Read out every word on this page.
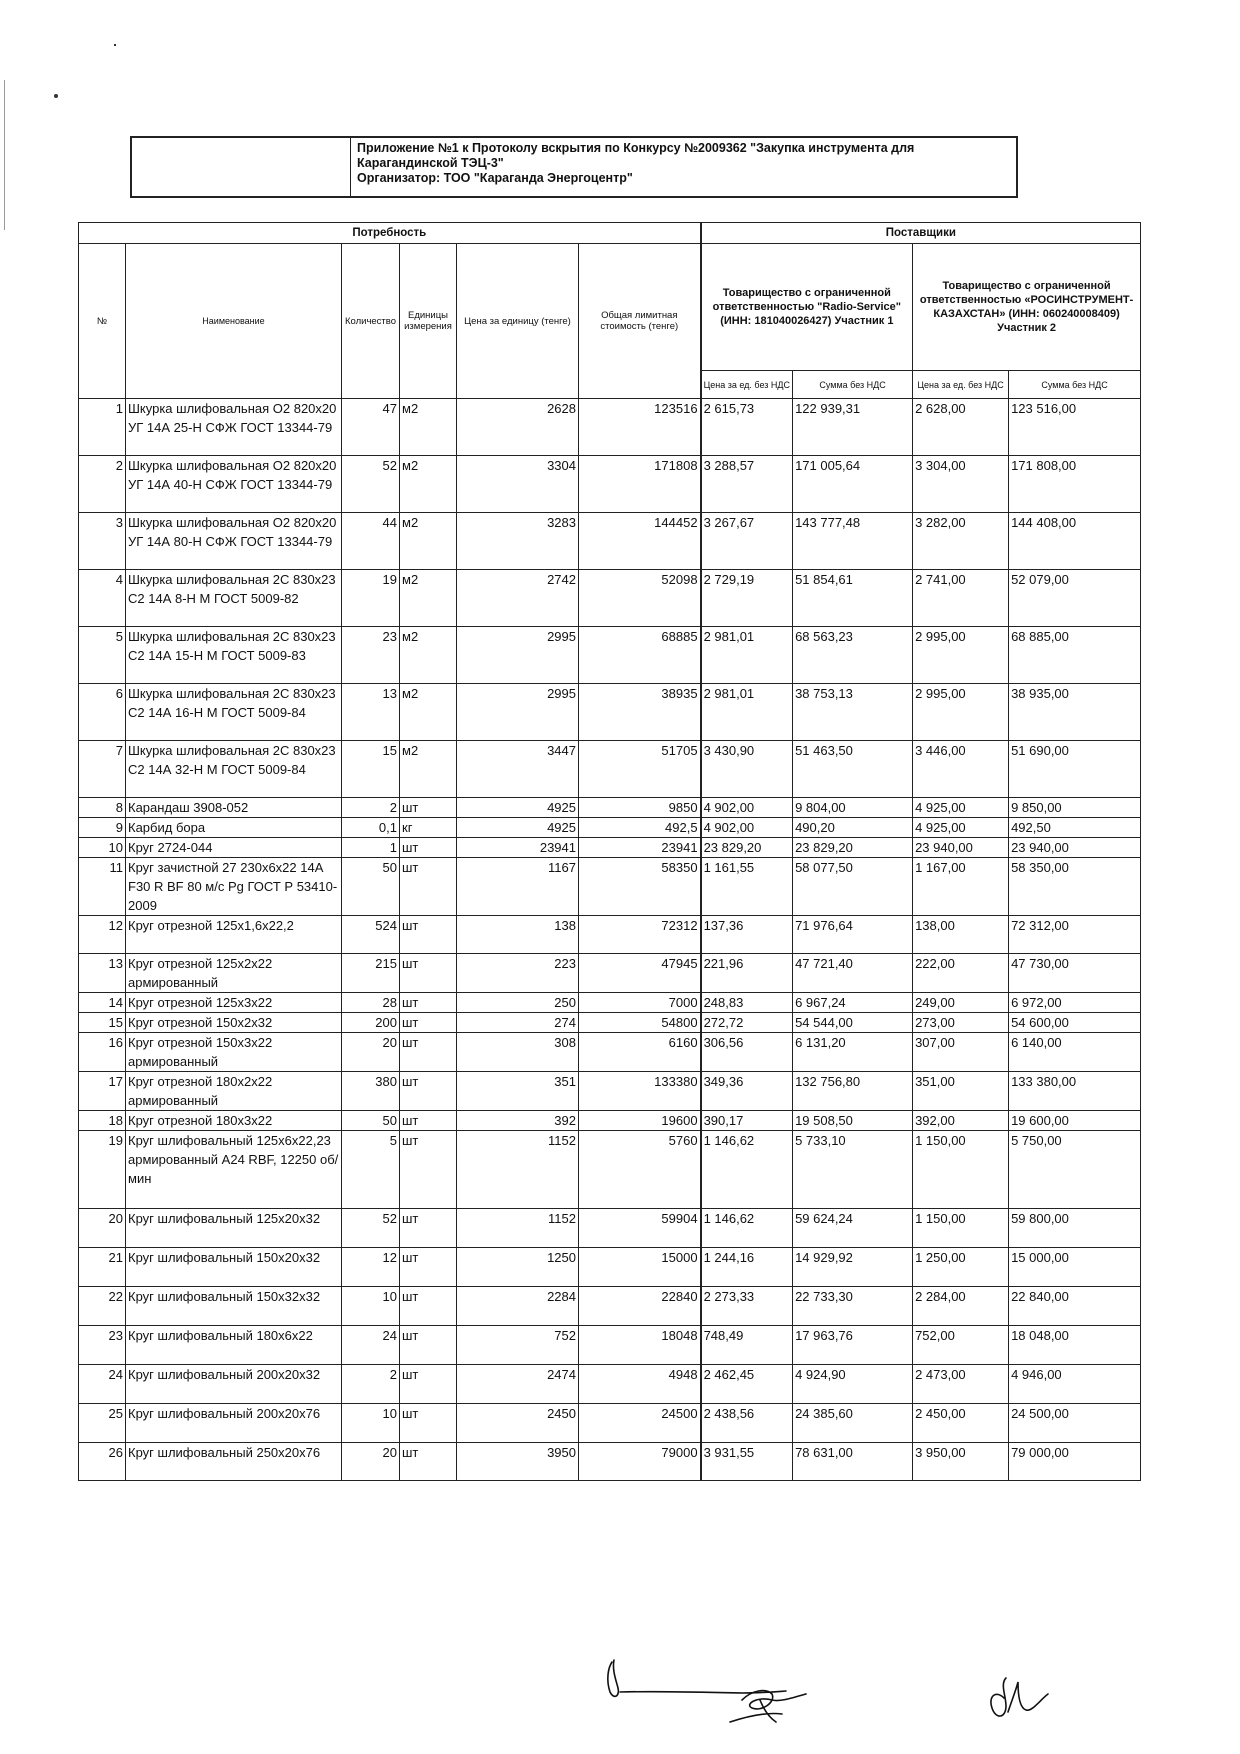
Приложение №1 к Протоколу вскрытия по Конкурсу №2009362 "Закупка инструмента для
Карагандинской ТЭЦ-3"
Организатор: ТОО "Караганда Энергоцентр"
Потребность						Поставщики			
№	Наименование	Количество	Единицы измерения	Цена за единицу (тенге)	Общая лимитная стоимость (тенге)	Товарищество с ограниченной ответственностью "Radio-Service" (ИНН: 181040026427) Участник 1		Товарищество с ограниченной ответственностью «РОСИНСТРУМЕНТ-КАЗАХСТАН» (ИНН: 060240008409) Участник 2	
						Цена за ед. без НДС	Сумма без НДС	Цена за ед. без НДС	Сумма без НДС
1	Шкурка шлифовальная О2 820х20 УГ 14А 25-Н СФЖ ГОСТ 13344-79	47	м2	2628	123516	2 615,73	122 939,31	2 628,00	123 516,00
2	Шкурка шлифовальная О2 820х20 УГ 14А 40-Н СФЖ ГОСТ 13344-79	52	м2	3304	171808	3 288,57	171 005,64	3 304,00	171 808,00
3	Шкурка шлифовальная О2 820х20 УГ 14А 80-Н СФЖ ГОСТ 13344-79	44	м2	3283	144452	3 267,67	143 777,48	3 282,00	144 408,00
4	Шкурка шлифовальная 2С 830х23 С2 14А 8-Н М ГОСТ 5009-82	19	м2	2742	52098	2 729,19	51 854,61	2 741,00	52 079,00
5	Шкурка шлифовальная 2С 830х23 С2 14А 15-Н М ГОСТ 5009-83	23	м2	2995	68885	2 981,01	68 563,23	2 995,00	68 885,00
6	Шкурка шлифовальная 2С 830х23 С2 14А 16-Н М ГОСТ 5009-84	13	м2	2995	38935	2 981,01	38 753,13	2 995,00	38 935,00
7	Шкурка шлифовальная 2С 830х23 С2 14А 32-Н М ГОСТ 5009-84	15	м2	3447	51705	3 430,90	51 463,50	3 446,00	51 690,00
8	Карандаш 3908-052	2	шт	4925	9850	4 902,00	9 804,00	4 925,00	9 850,00
9	Карбид бора	0,1	кг	4925	492,5	4 902,00	490,20	4 925,00	492,50
10	Круг 2724-044	1	шт	23941	23941	23 829,20	23 829,20	23 940,00	23 940,00
11	Круг зачистной 27 230х6х22 14А F30 R BF 80 м/с Рg ГОСТ Р 53410-2009	50	шт	1167	58350	1 161,55	58 077,50	1 167,00	58 350,00
12	Круг отрезной 125х1,6х22,2	524	шт	138	72312	137,36	71 976,64	138,00	72 312,00
13	Круг отрезной 125х2х22 армированный	215	шт	223	47945	221,96	47 721,40	222,00	47 730,00
14	Круг отрезной 125х3х22	28	шт	250	7000	248,83	6 967,24	249,00	6 972,00
15	Круг отрезной 150х2х32	200	шт	274	54800	272,72	54 544,00	273,00	54 600,00
16	Круг отрезной 150х3х22 армированный	20	шт	308	6160	306,56	6 131,20	307,00	6 140,00
17	Круг отрезной 180х2х22 армированный	380	шт	351	133380	349,36	132 756,80	351,00	133 380,00
18	Круг отрезной 180х3х22	50	шт	392	19600	390,17	19 508,50	392,00	19 600,00
19	Круг шлифовальный 125х6х22,23 армированный А24 RBF, 12250 об/мин	5	шт	1152	5760	1 146,62	5 733,10	1 150,00	5 750,00
20	Круг шлифовальный 125х20х32	52	шт	1152	59904	1 146,62	59 624,24	1 150,00	59 800,00
21	Круг шлифовальный 150х20х32	12	шт	1250	15000	1 244,16	14 929,92	1 250,00	15 000,00
22	Круг шлифовальный 150х32х32	10	шт	2284	22840	2 273,33	22 733,30	2 284,00	22 840,00
23	Круг шлифовальный 180х6х22	24	шт	752	18048	748,49	17 963,76	752,00	18 048,00
24	Круг шлифовальный 200х20х32	2	шт	2474	4948	2 462,45	4 924,90	2 473,00	4 946,00
25	Круг шлифовальный 200х20х76	10	шт	2450	24500	2 438,56	24 385,60	2 450,00	24 500,00
26	Круг шлифовальный 250х20х76	20	шт	3950	79000	3 931,55	78 631,00	3 950,00	79 000,00
